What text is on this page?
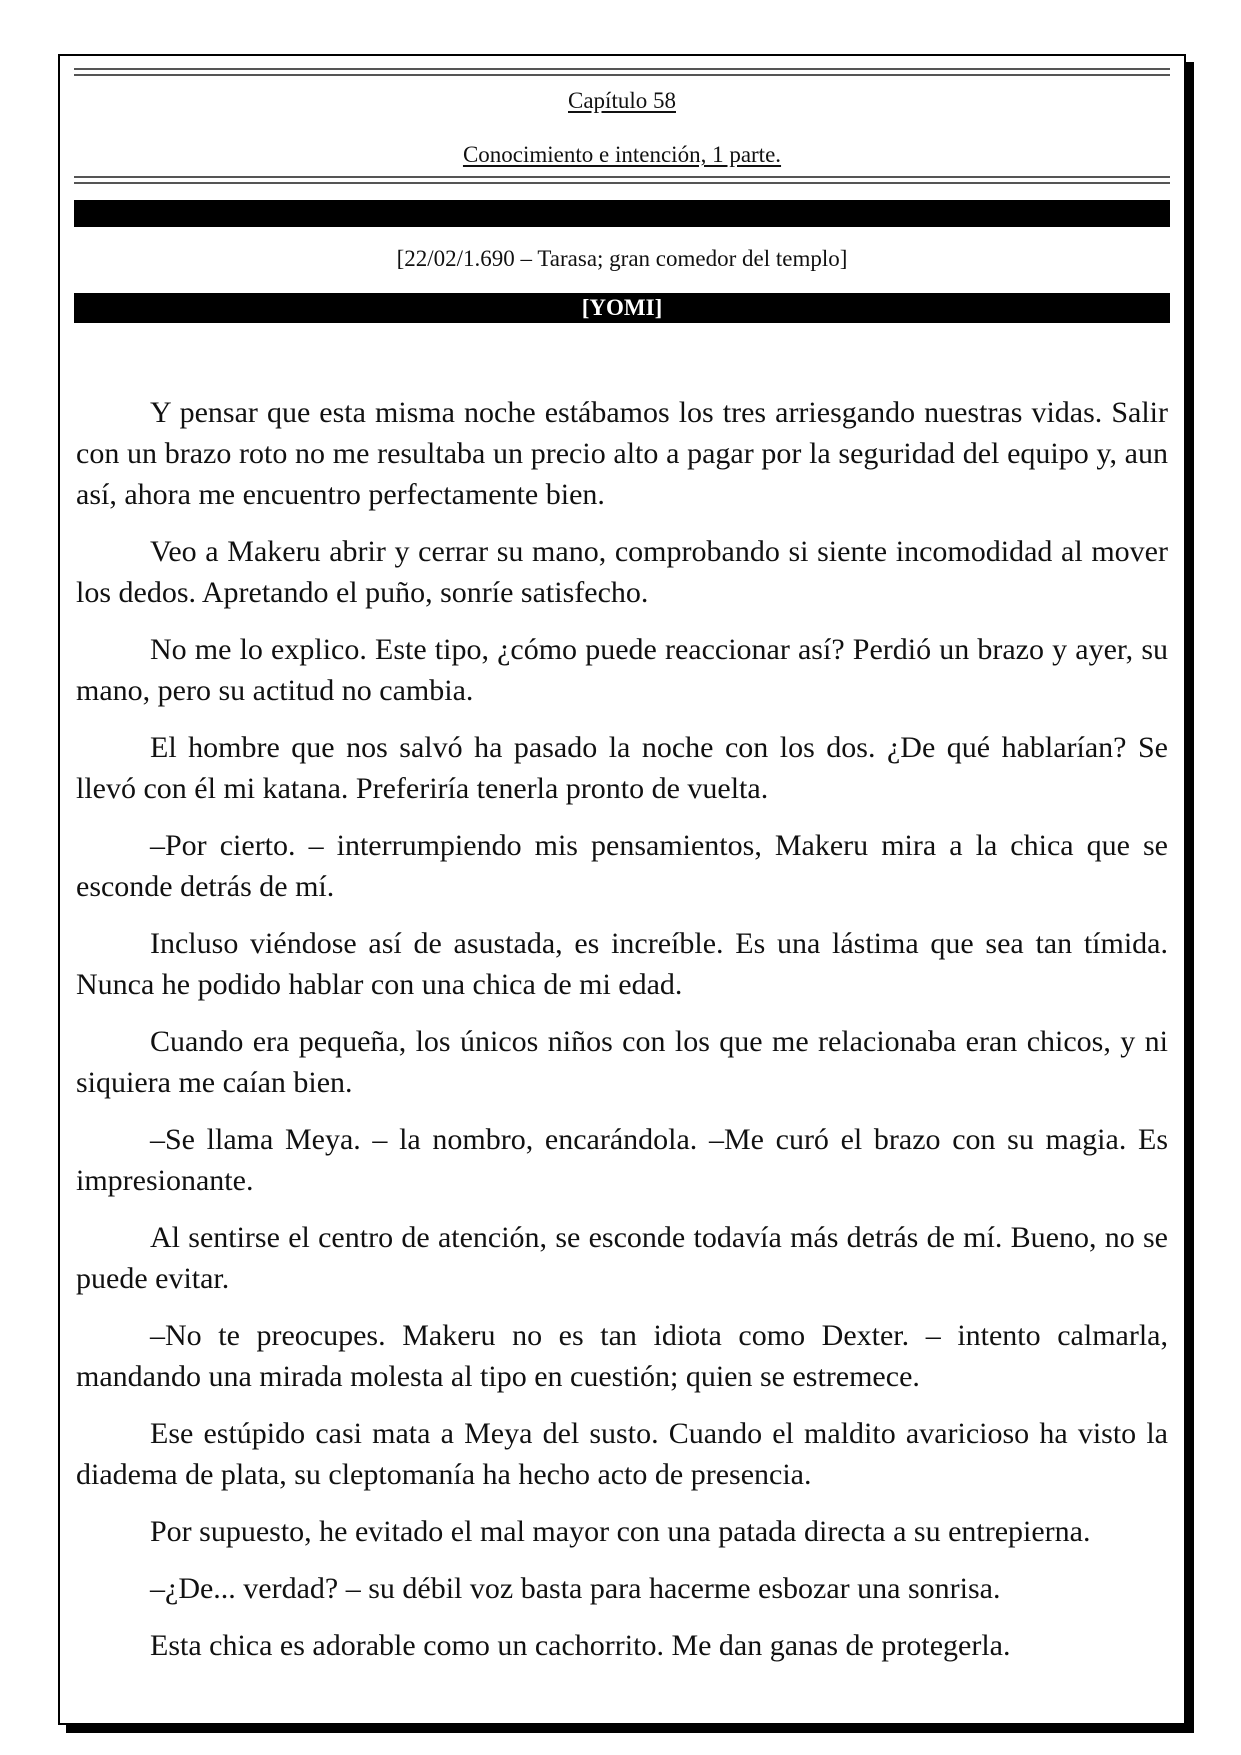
Capítulo 58
Conocimiento e intención, 1 parte.
[22/02/1.690 – Tarasa; gran comedor del templo]
[YOMI]

Y pensar que esta misma noche estábamos los tres arriesgando nuestras vidas. Salir con un brazo roto no me resultaba un precio alto a pagar por la seguridad del equipo y, aun así, ahora me encuentro perfectamente bien.

Veo a Makeru abrir y cerrar su mano, comprobando si siente incomodidad al mover los dedos. Apretando el puño, sonríe satisfecho.

No me lo explico. Este tipo, ¿cómo puede reaccionar así? Perdió un brazo y ayer, su mano, pero su actitud no cambia.

El hombre que nos salvó ha pasado la noche con los dos. ¿De qué hablarían? Se llevó con él mi katana. Preferiría tenerla pronto de vuelta.

–Por cierto. – interrumpiendo mis pensamientos, Makeru mira a la chica que se esconde detrás de mí.

Incluso viéndose así de asustada, es increíble. Es una lástima que sea tan tímida. Nunca he podido hablar con una chica de mi edad.

Cuando era pequeña, los únicos niños con los que me relacionaba eran chicos, y ni siquiera me caían bien.

–Se llama Meya. – la nombro, encarándola. –Me curó el brazo con su magia. Es impresionante.

Al sentirse el centro de atención, se esconde todavía más detrás de mí. Bueno, no se puede evitar.

–No te preocupes. Makeru no es tan idiota como Dexter. – intento calmarla, mandando una mirada molesta al tipo en cuestión; quien se estremece.

Ese estúpido casi mata a Meya del susto. Cuando el maldito avaricioso ha visto la diadema de plata, su cleptomanía ha hecho acto de presencia.

Por supuesto, he evitado el mal mayor con una patada directa a su entrepierna.

–¿De... verdad? – su débil voz basta para hacerme esbozar una sonrisa.

Esta chica es adorable como un cachorrito. Me dan ganas de protegerla.
